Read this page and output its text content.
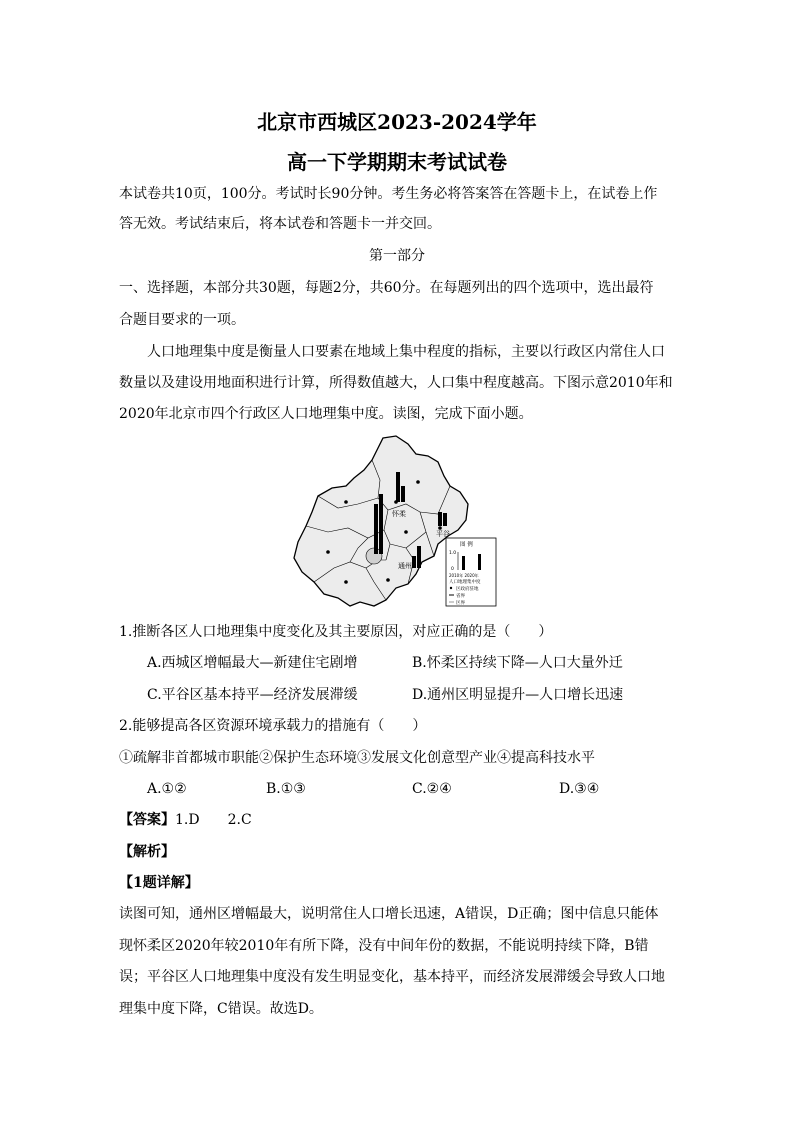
北京市西城区2023-2024学年
高一下学期期末考试试卷
本试卷共10页，100分。考试时长90分钟。考生务必将答案答在答题卡上，在试卷上作
答无效。考试结束后，将本试卷和答题卡一并交回。
第一部分
一、选择题，本部分共30题，每题2分，共60分。在每题列出的四个选项中，选出最符
合题目要求的一项。
人口地理集中度是衡量人口要素在地域上集中程度的指标，主要以行政区内常住人口
数量以及建设用地面积进行计算，所得数值越大，人口集中程度越高。下图示意2010年和
2020年北京市四个行政区人口地理集中度。读图，完成下面小题。
怀柔
平谷
通州
图 例
1.0
0
2010年 2020年
人口地理集中度
区政府驻地
省界
区界
1.推断各区人口地理集中度变化及其主要原因，对应正确的是（　　）
A.西城区增幅最大—新建住宅剧增	B.怀柔区持续下降—人口大量外迁
C.平谷区基本持平—经济发展滞缓	D.通州区明显提升—人口增长迅速
2.能够提高各区资源环境承载力的措施有（　　）
①疏解非首都城市职能②保护生态环境③发展文化创意型产业④提高科技水平
A.①②	B.①③	C.②④	D.③④
【答案】1.D　　2.C
【解析】
【1题详解】
读图可知，通州区增幅最大，说明常住人口增长迅速，A错误，D正确；图中信息只能体
现怀柔区2020年较2010年有所下降，没有中间年份的数据，不能说明持续下降，B错
误；平谷区人口地理集中度没有发生明显变化，基本持平，而经济发展滞缓会导致人口地
理集中度下降，C错误。故选D。
